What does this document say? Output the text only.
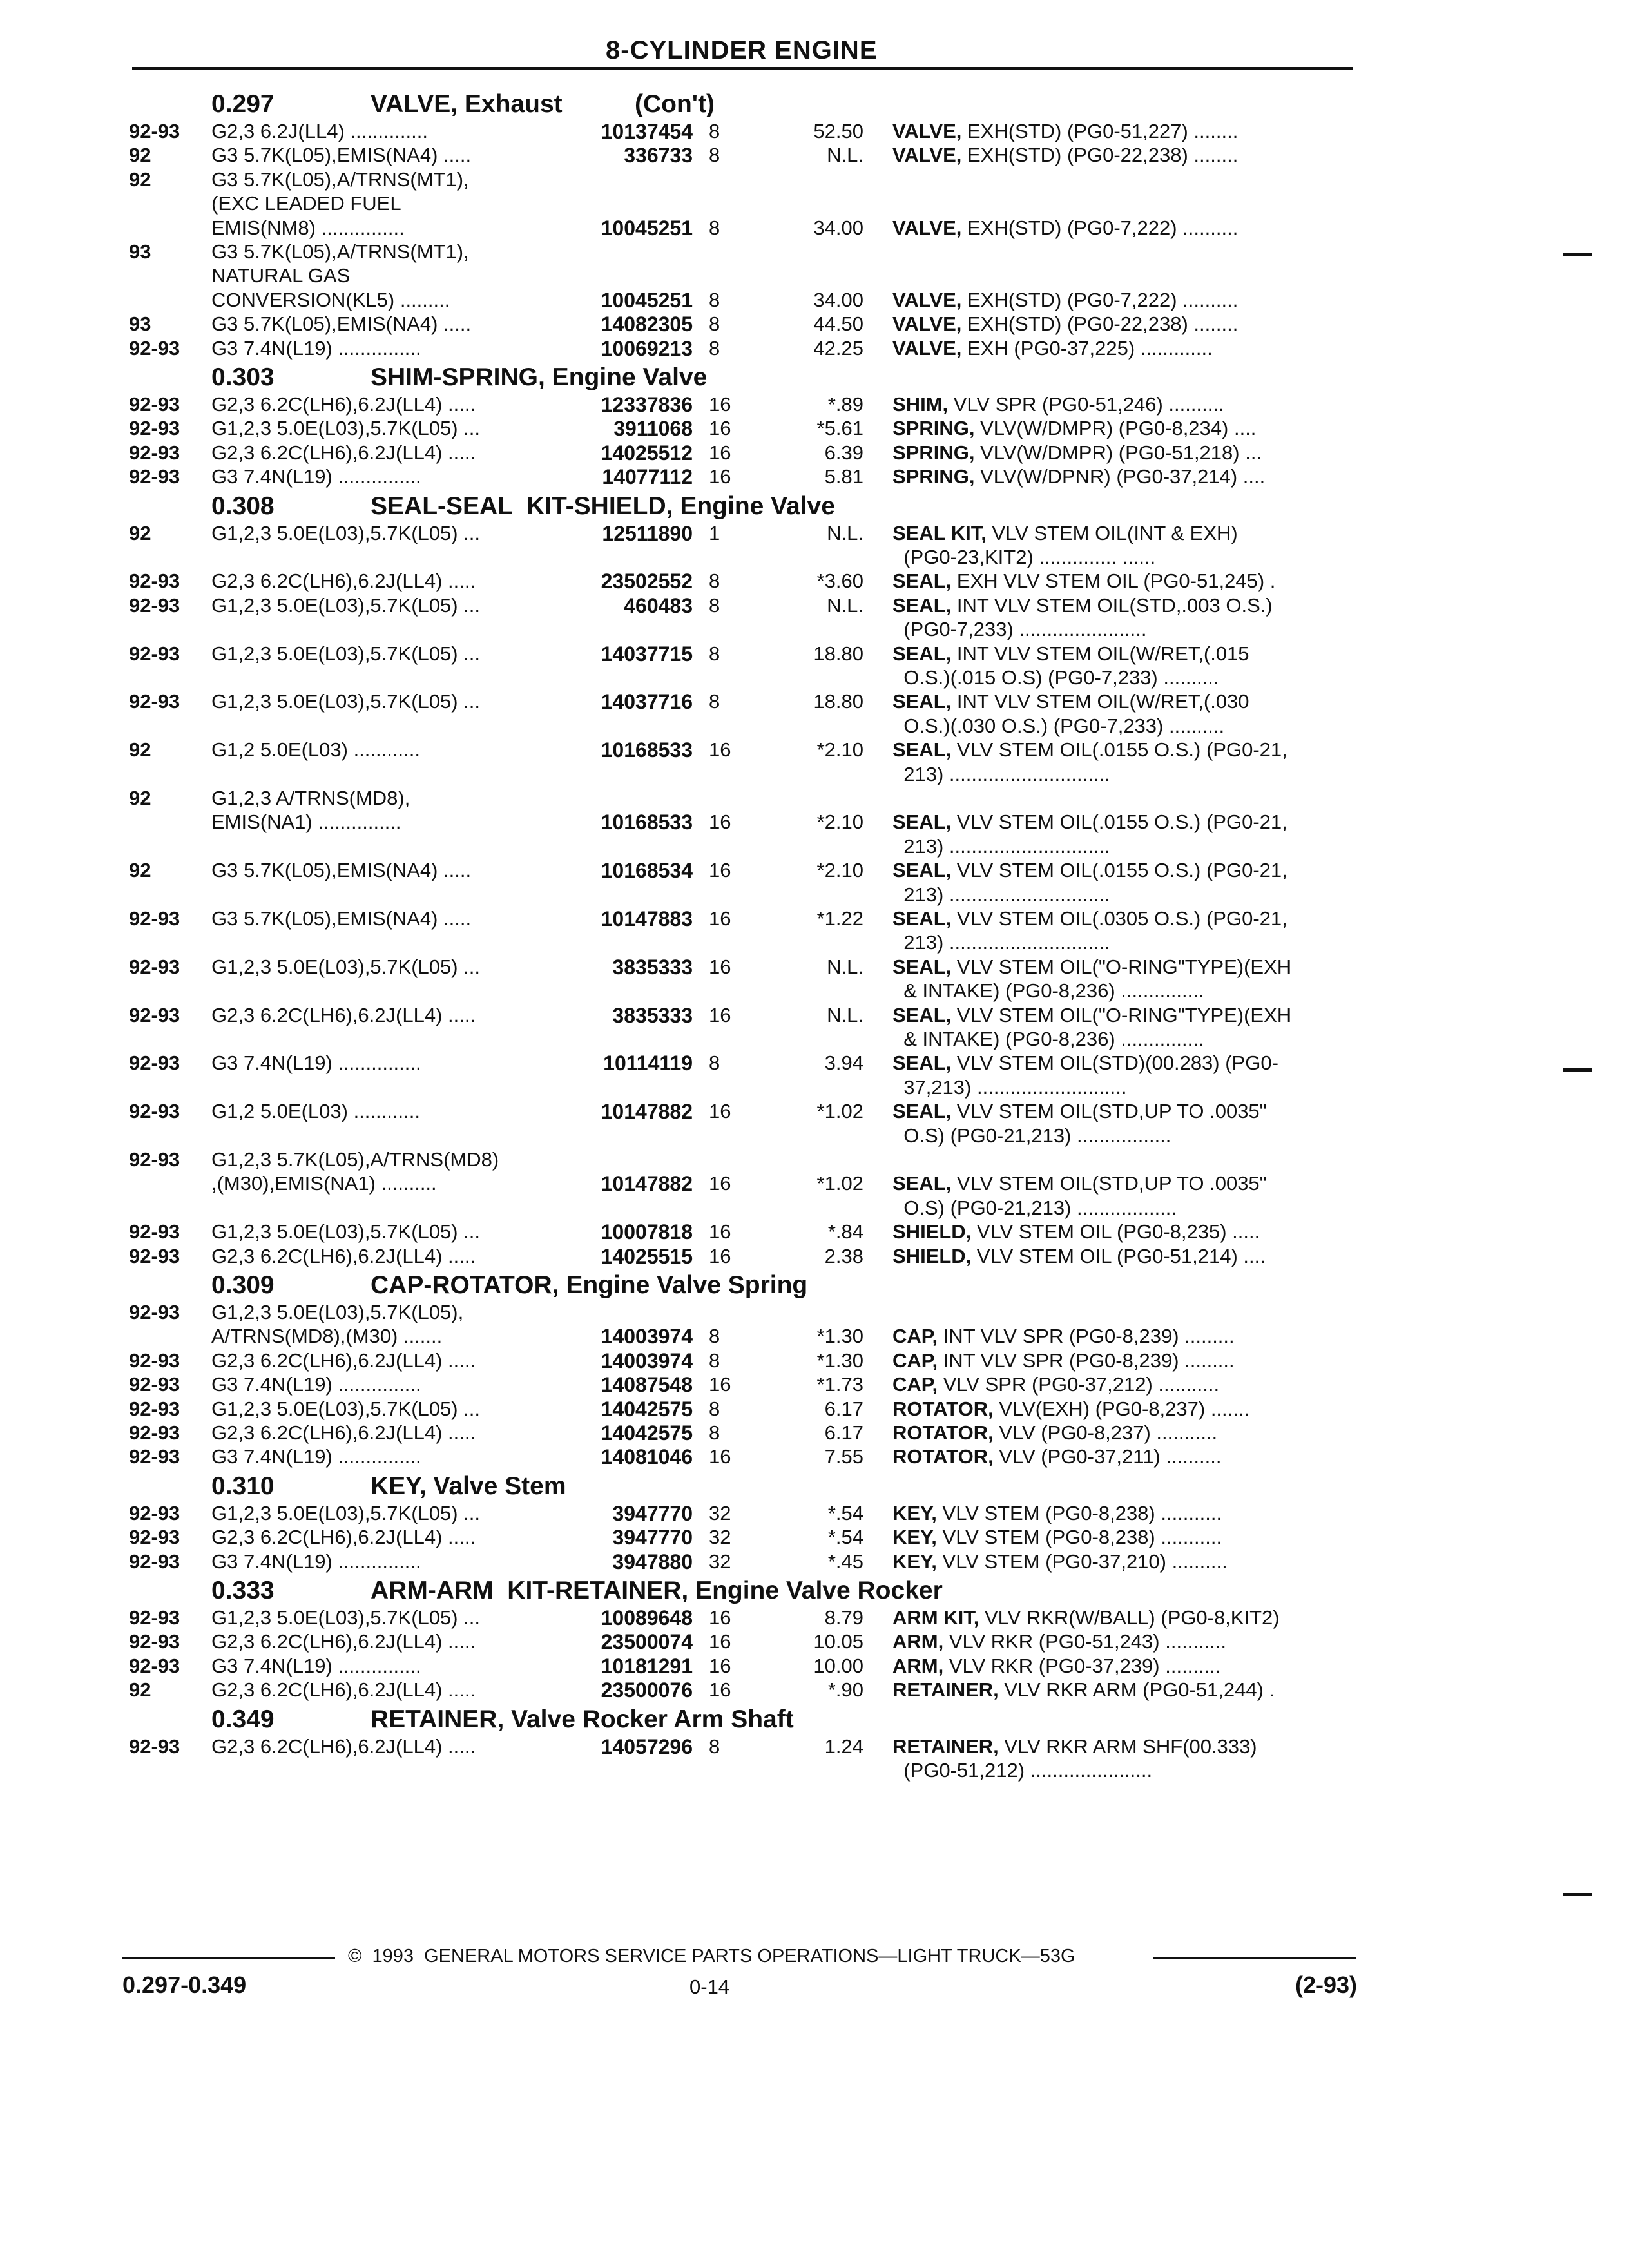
8-CYLINDER ENGINE
0.297	VALVE, Exhaust	(Con't)
92-93 G2,3 6.2J(LL4) ..............	10137454 8	52.50 VALVE, EXH(STD) (PG0-51,227) ........
92	G3 5.7K(L05),EMIS(NA4) .....	336733 8	N.L. VALVE, EXH(STD) (PG0-22,238) ........
92	G3 5.7K(L05),A/TRNS(MT1),
(EXC LEADED FUEL
EMIS(NM8) ...............	10045251 8	34.00 VALVE, EXH(STD) (PG0-7,222) ..........
93	G3 5.7K(L05),A/TRNS(MT1),
NATURAL GAS
CONVERSION(KL5) .........	10045251 8	34.00 VALVE, EXH(STD) (PG0-7,222) ..........
93	G3 5.7K(L05),EMIS(NA4) .....	14082305 8	44.50 VALVE, EXH(STD) (PG0-22,238) ........
92-93 G3 7.4N(L19) ...............	10069213 8	42.25 VALVE, EXH (PG0-37,225) .............
0.303	SHIM-SPRING, Engine Valve
92-93 G2,3 6.2C(LH6),6.2J(LL4) .....	12337836 16	*.89 SHIM, VLV SPR (PG0-51,246) ..........
92-93 G1,2,3 5.0E(L03),5.7K(L05) ...	3911068 16	*5.61 SPRING, VLV(W/DMPR) (PG0-8,234) ....
92-93 G2,3 6.2C(LH6),6.2J(LL4) .....	14025512 16	6.39 SPRING, VLV(W/DMPR) (PG0-51,218) ...
92-93 G3 7.4N(L19) ...............	14077112 16	5.81 SPRING, VLV(W/DPNR) (PG0-37,214) ....
0.308	SEAL-SEAL  KIT-SHIELD, Engine Valve
92	G1,2,3 5.0E(L03),5.7K(L05) ...	12511890 1	N.L. SEAL KIT, VLV STEM OIL(INT & EXH)
(PG0-23,KIT2) .............. ......
92-93 G2,3 6.2C(LH6),6.2J(LL4) .....	23502552 8	*3.60 SEAL, EXH VLV STEM OIL (PG0-51,245) .
92-93 G1,2,3 5.0E(L03),5.7K(L05) ...	460483 8	N.L. SEAL, INT VLV STEM OIL(STD,.003 O.S.)
(PG0-7,233) .......................
92-93 G1,2,3 5.0E(L03),5.7K(L05) ...	14037715 8	18.80 SEAL, INT VLV STEM OIL(W/RET,(.015
O.S.)(.015 O.S) (PG0-7,233) ..........
92-93 G1,2,3 5.0E(L03),5.7K(L05) ...	14037716 8	18.80 SEAL, INT VLV STEM OIL(W/RET,(.030
O.S.)(.030 O.S.) (PG0-7,233) ..........
92	G1,2 5.0E(L03) ............	10168533 16	*2.10 SEAL, VLV STEM OIL(.0155 O.S.) (PG0-21,
213) .............................
92	G1,2,3 A/TRNS(MD8),
EMIS(NA1) ...............	10168533 16	*2.10 SEAL, VLV STEM OIL(.0155 O.S.) (PG0-21,
213) .............................
92	G3 5.7K(L05),EMIS(NA4) .....	10168534 16	*2.10 SEAL, VLV STEM OIL(.0155 O.S.) (PG0-21,
213) .............................
92-93 G3 5.7K(L05),EMIS(NA4) .....	10147883 16	*1.22 SEAL, VLV STEM OIL(.0305 O.S.) (PG0-21,
213) .............................
92-93 G1,2,3 5.0E(L03),5.7K(L05) ...	3835333 16	N.L. SEAL, VLV STEM OIL("O-RING"TYPE)(EXH
& INTAKE) (PG0-8,236) ...............
92-93 G2,3 6.2C(LH6),6.2J(LL4) .....	3835333 16	N.L. SEAL, VLV STEM OIL("O-RING"TYPE)(EXH
& INTAKE) (PG0-8,236) ...............
92-93 G3 7.4N(L19) ...............	10114119 8	3.94 SEAL, VLV STEM OIL(STD)(00.283) (PG0-
37,213) ...........................
92-93 G1,2 5.0E(L03) ............	10147882 16	*1.02 SEAL, VLV STEM OIL(STD,UP TO .0035"
O.S) (PG0-21,213) .................
92-93 G1,2,3 5.7K(L05),A/TRNS(MD8)
,(M30),EMIS(NA1) ..........	10147882 16	*1.02 SEAL, VLV STEM OIL(STD,UP TO .0035"
O.S) (PG0-21,213) ..................
92-93 G1,2,3 5.0E(L03),5.7K(L05) ...	10007818 16	*.84 SHIELD, VLV STEM OIL (PG0-8,235) .....
92-93 G2,3 6.2C(LH6),6.2J(LL4) .....	14025515 16	2.38 SHIELD, VLV STEM OIL (PG0-51,214) ....
0.309	CAP-ROTATOR, Engine Valve Spring
92-93 G1,2,3 5.0E(L03),5.7K(L05),
A/TRNS(MD8),(M30) .......	14003974 8	*1.30 CAP, INT VLV SPR (PG0-8,239) .........
92-93 G2,3 6.2C(LH6),6.2J(LL4) .....	14003974 8	*1.30 CAP, INT VLV SPR (PG0-8,239) .........
92-93 G3 7.4N(L19) ...............	14087548 16	*1.73 CAP, VLV SPR (PG0-37,212) ...........
92-93 G1,2,3 5.0E(L03),5.7K(L05) ...	14042575 8	6.17 ROTATOR, VLV(EXH) (PG0-8,237) .......
92-93 G2,3 6.2C(LH6),6.2J(LL4) .....	14042575 8	6.17 ROTATOR, VLV (PG0-8,237) ...........
92-93 G3 7.4N(L19) ...............	14081046 16	7.55 ROTATOR, VLV (PG0-37,211) ..........
0.310	KEY, Valve Stem
92-93 G1,2,3 5.0E(L03),5.7K(L05) ...	3947770 32	*.54 KEY, VLV STEM (PG0-8,238) ...........
92-93 G2,3 6.2C(LH6),6.2J(LL4) .....	3947770 32	*.54 KEY, VLV STEM (PG0-8,238) ...........
92-93 G3 7.4N(L19) ...............	3947880 32	*.45 KEY, VLV STEM (PG0-37,210) ..........
0.333	ARM-ARM  KIT-RETAINER, Engine Valve Rocker
92-93 G1,2,3 5.0E(L03),5.7K(L05) ...	10089648 16	8.79 ARM KIT, VLV RKR(W/BALL) (PG0-8,KIT2)
92-93 G2,3 6.2C(LH6),6.2J(LL4) .....	23500074 16	10.05 ARM, VLV RKR (PG0-51,243) ...........
92-93 G3 7.4N(L19) ...............	10181291 16	10.00 ARM, VLV RKR (PG0-37,239) ..........
92	G2,3 6.2C(LH6),6.2J(LL4) .....	23500076 16	*.90 RETAINER, VLV RKR ARM (PG0-51,244) .
0.349	RETAINER, Valve Rocker Arm Shaft
92-93 G2,3 6.2C(LH6),6.2J(LL4) .....	14057296 8	1.24 RETAINER, VLV RKR ARM SHF(00.333)
(PG0-51,212) ......................
©  1993  GENERAL MOTORS SERVICE PARTS OPERATIONS—LIGHT TRUCK—53G
0.297-0.349	0-14	(2-93)
